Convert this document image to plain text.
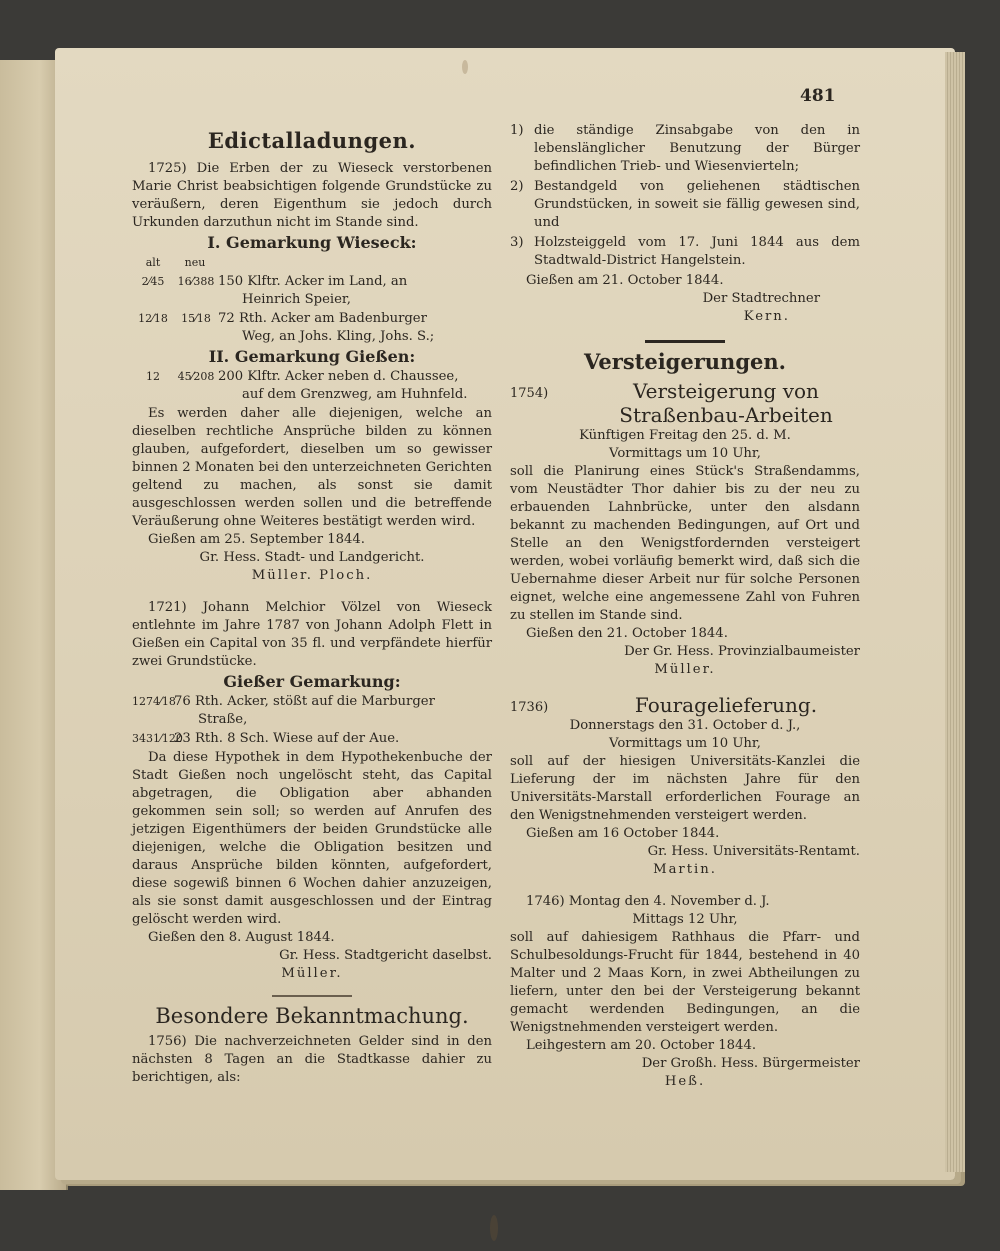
481
Edictalladungen.

1725) Die Erben der zu Wieseck verstorbenen Marie Christ beabsichtigen folgende Grundstücke zu veräußern, deren Eigenthum sie jedoch durch Urkunden darzuthun nicht im Stande sind.

I. Gemarkung Wieseck:
alt	neu
2⁄45	16⁄388 150 Klftr. Acker im Land, an
Heinrich Speier,
12⁄18	15⁄18 72 Rth. Acker am Badenburger
Weg, an Johs. Kling, Johs. S.;
II. Gemarkung Gießen:
12	45⁄208 200 Klftr. Acker neben d. Chaussee,
auf dem Grenzweg, am Huhnfeld.

Es werden daher alle diejenigen, welche an dieselben rechtliche Ansprüche bilden zu können glauben, aufgefordert, dieselben um so gewisser binnen 2 Monaten bei den unterzeichneten Gerichten geltend zu machen, als sonst sie damit ausgeschlossen werden sollen und die betreffende Veräußerung ohne Weiteres bestätigt werden wird.

Gießen am 25. September 1844.

Gr. Hess. Stadt- und Landgericht.

Müller. Ploch.

1721) Johann Melchior Völzel von Wieseck entlehnte im Jahre 1787 von Johann Adolph Flett in Gießen ein Capital von 35 fl. und verpfändete hierfür zwei Grundstücke.

Gießer Gemarkung:
1274⁄18
76 Rth. Acker, stößt auf die Marburger
Straße,
3431⁄120
23 Rth. 8 Sch. Wiese auf der Aue.

Da diese Hypothek in dem Hypothekenbuche der Stadt Gießen noch ungelöscht steht, das Capital abgetragen, die Obligation aber abhanden gekommen sein soll; so werden auf Anrufen des jetzigen Eigenthümers der beiden Grundstücke alle diejenigen, welche die Obligation besitzen und daraus Ansprüche bilden könnten, aufgefordert, diese sogewiß binnen 6 Wochen dahier anzuzeigen, als sie sonst damit ausgeschlossen und der Eintrag gelöscht werden wird.

Gießen den 8. August 1844.

Gr. Hess. Stadtgericht daselbst.

Müller.

Besondere Bekanntmachung.

1756) Die nachverzeichneten Gelder sind in den nächsten 8 Tagen an die Stadtkasse dahier zu berichtigen, als:

1) die ständige Zinsabgabe von den in lebenslänglicher Benutzung der Bürger befindlichen Trieb- und Wiesenvierteln;
2) Bestandgeld von geliehenen städtischen Grundstücken, in soweit sie fällig gewesen sind, und
3) Holzsteiggeld vom 17. Juni 1844 aus dem Stadtwald-District Hangelstein.

Gießen am 21. October 1844.

Der Stadtrechner

Kern.

Versteigerungen.
1754)	Versteigerung von Straßenbau-Arbeiten

Künftigen Freitag den 25. d. M.

Vormittags um 10 Uhr,

soll die Planirung eines Stück's Straßendamms, vom Neustädter Thor dahier bis zu der neu zu erbauenden Lahnbrücke, unter den alsdann bekannt zu machenden Bedingungen, auf Ort und Stelle an den Wenigstfordernden versteigert werden, wobei vorläufig bemerkt wird, daß sich die Uebernahme dieser Arbeit nur für solche Personen eignet, welche eine angemessene Zahl von Fuhren zu stellen im Stande sind.

Gießen den 21. October 1844.

Der Gr. Hess. Provinzialbaumeister

Müller.

1736)	Fouragelieferung.

Donnerstags den 31. October d. J.,

Vormittags um 10 Uhr,

soll auf der hiesigen Universitäts-Kanzlei die Lieferung der im nächsten Jahre für den Universitäts-Marstall erforderlichen Fourage an den Wenigstnehmenden versteigert werden.

Gießen am 16 October 1844.

Gr. Hess. Universitäts-Rentamt.

Martin.

1746) Montag den 4. November d. J.

Mittags 12 Uhr,

soll auf dahiesigem Rathhaus die Pfarr- und Schulbesoldungs-Frucht für 1844, bestehend in 40 Malter und 2 Maas Korn, in zwei Abtheilungen zu liefern, unter den bei der Versteigerung bekannt gemacht werdenden Bedingungen, an die Wenigstnehmenden versteigert werden.

Leihgestern am 20. October 1844.

Der Großh. Hess. Bürgermeister

Heß.
